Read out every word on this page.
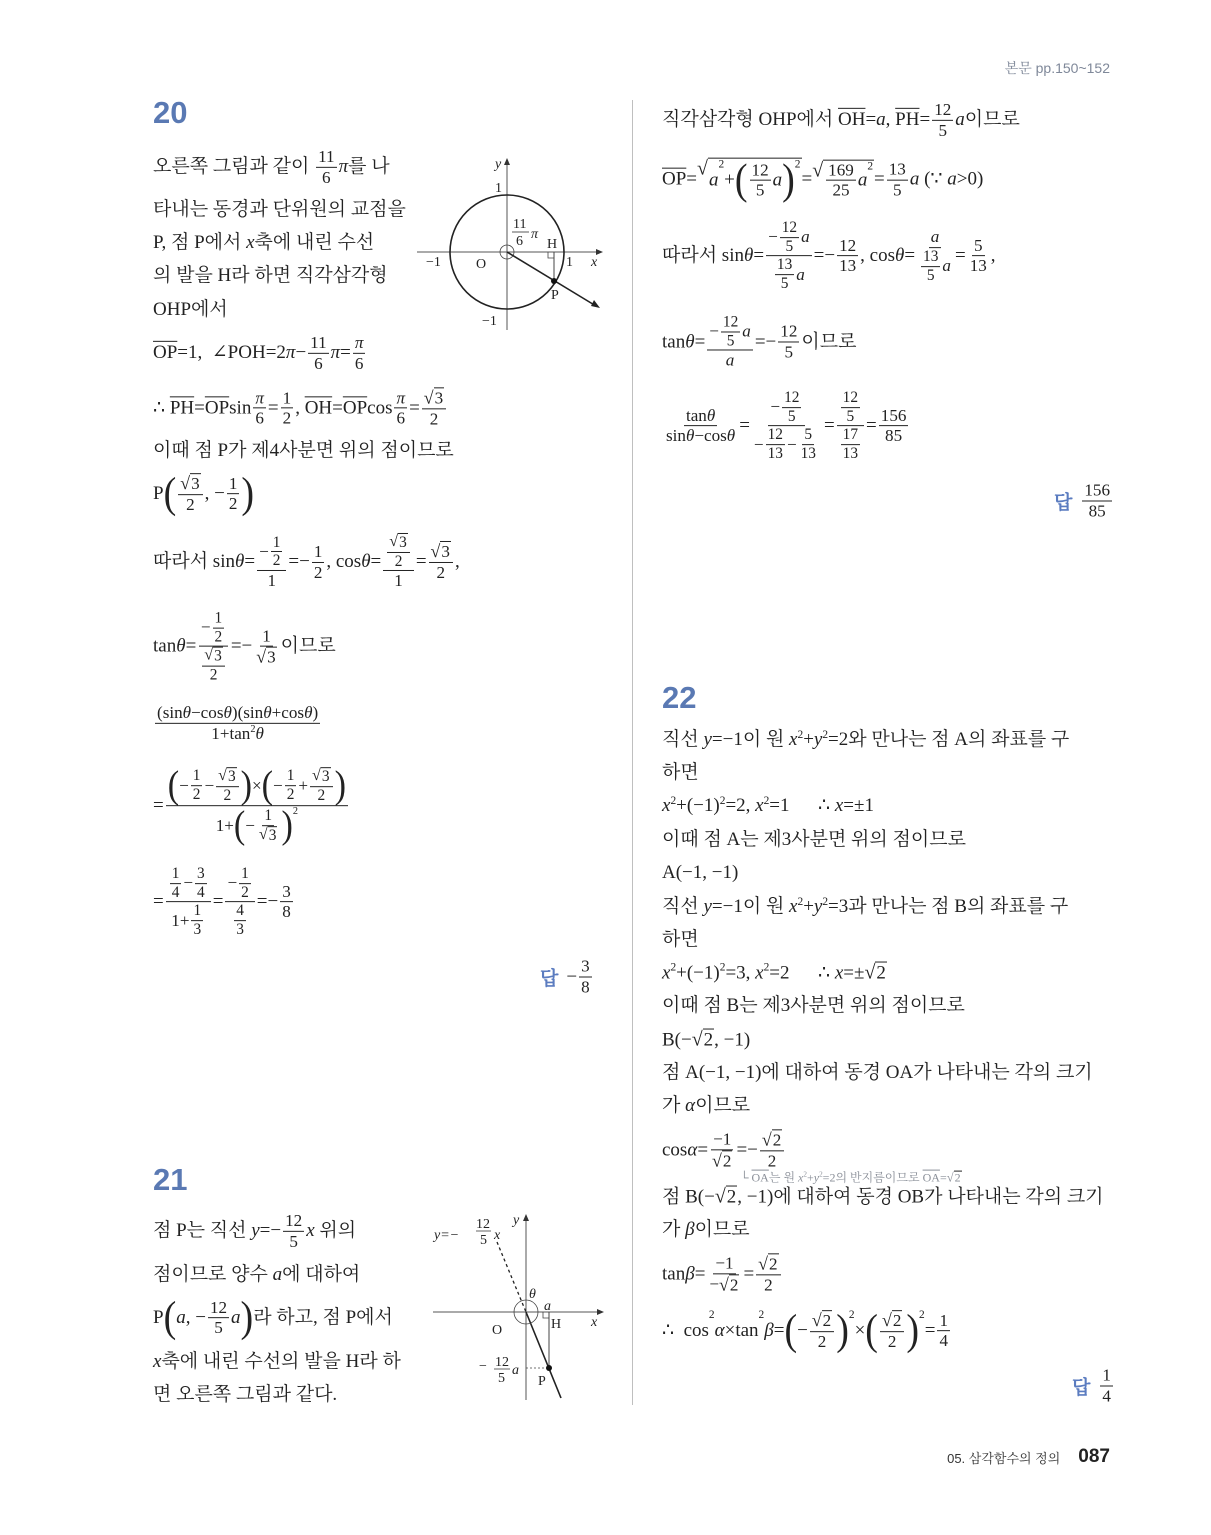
본문 pp.150~152
20
오른쪽 그림과 같이 $\frac{11}{6}$ π 를 나
타내는 동경과 단위원의 교점을
P, 점 P에서 x 축에 내린 수선
의 발을 H라 하면 직각삼각형
OHP에서
$\overline{OP} =1$,  ∠POH=2 $\pi - \frac{11}{6}$ $\pi = \frac{\pi}{6}$
∴ $\overline{PH} = \overline{OP}$ $\sin \frac{\pi}{6} = \frac{1}{2}$ , $\overline{OH} = \overline{OP}$ $\cos \frac{\pi}{6} = \frac{√ 3}{2}$
이때 점 P가 제4사분면 위의 점이므로
P ( $\frac{√ 3}{2}$ , − $\frac{1}{2}$ )
따라서 $\sin \theta = \frac{- \frac{1}{2}}{1} =- \frac{1}{2}$ , $\cos \theta = \frac{\frac{√ 3}{2}}{1} = \frac{√ 3}{2}$ ,
$\tan \theta = \frac{- \frac{1}{2}}{\frac{√ 3}{2}} =- \frac{1}{√ 3}$ 이므로
$\frac{\text{(sin θ −cos θ )(sin θ +cos θ )}}{1+\tan 2 \theta}$
= $\frac{( - \frac{1}{2} - \frac{√ 3}{2} ) \times ( - \frac{1}{2} + \frac{√ 3}{2} )}{1+ ( - \frac{1}{√ 3} ) 2}$
= $\frac{\frac{1}{4} - \frac{3}{4}}{1+ \frac{1}{3}} = \frac{- \frac{1}{2}}{\frac{4}{3}} =- \frac{3}{8}$
답 − $\frac{3}{8}$
y
1
−1
−1	1 x
O
H
P
11
6 π
21
점 P는 직선 $y =- \frac{12}{5}$ x 위의
점이므로 양수 a 에 대하여
P ( a , − $\frac{12}{5}$ a ) 라 하고, 점 P에서
x 축에 내린 수선의 발을 H라 하
면 오른쪽 그림과 같다.
y=−
12
5 x
y
θ
a
x
O	H
P
− 12
5
a
직각삼각형 OHP에서 $\overline{OH} = a$ , $\overline{PH} = \frac{12}{5}$ a 이므로
$\overline{OP}$ = √
a
2
+ ( $\frac{12}{5}$ a ) 2
= √ $\frac{169}{25}$ a
2
= $\frac{13}{5}$ a (∵ a >0)
따라서 $\sin \theta = \frac{- \frac{12}{5} a}{\frac{13}{5} a} =- \frac{12}{13}$ , $\cos \theta = \frac{a}{\frac{13}{5} a} = \frac{5}{13}$ ,
$\tan \theta = \frac{- \frac{12}{5} a}{a} =- \frac{12}{5}$ 이므로
$\frac{\text{tan θ}}{\text{sin θ −cos θ}} = \frac{- \frac{12}{5}}{- \frac{12}{13} - \frac{5}{13}} = \frac{\frac{12}{5}}{\frac{17}{13}} = \frac{156}{85}$
답 $\frac{156}{85}$
22
직선 y =−1이 원 x 2 + y 2 =2와 만나는 점 A의 좌표를 구
하면
x 2 +(−1) 2 =2, x 2 =1      ∴ x =±1
이때 점 A는 제3사분면 위의 점이므로
A(−1, −1)
직선 y =−1이 원 x 2 + y 2 =3과 만나는 점 B의 좌표를 구
하면
x 2 +(−1) 2 =3, x 2 =2      ∴ x =± √ 2
이때 점 B는 제3사분면 위의 점이므로
B(− √ 2 , −1)
점 A(−1, −1)에 대하여 동경 OA가 나타내는 각의 크기
가 α 이므로
$\cos \alpha = \frac{-1}{√ 2} =- \frac{√ 2}{2}$
└ $\overline{OA}$ 는 원 x 2 + y 2 =2의 반지름이므로 $\overline{OA}$ = √ 2
점 B(− √ 2 , −1)에 대하여 동경 OB가 나타내는 각의 크기
가 β 이므로
$\tan \beta = \frac{-1}{- √ 2} = \frac{√ 2}{2}$
∴  cos
2
α ×tan
2
β = ( − $\frac{√ 2}{2}$ ) 2
× ( $\frac{√ 2}{2}$ ) 2
= $\frac{1}{4}$
답 $\frac{1}{4}$
05. 삼각함수의 정의 087
